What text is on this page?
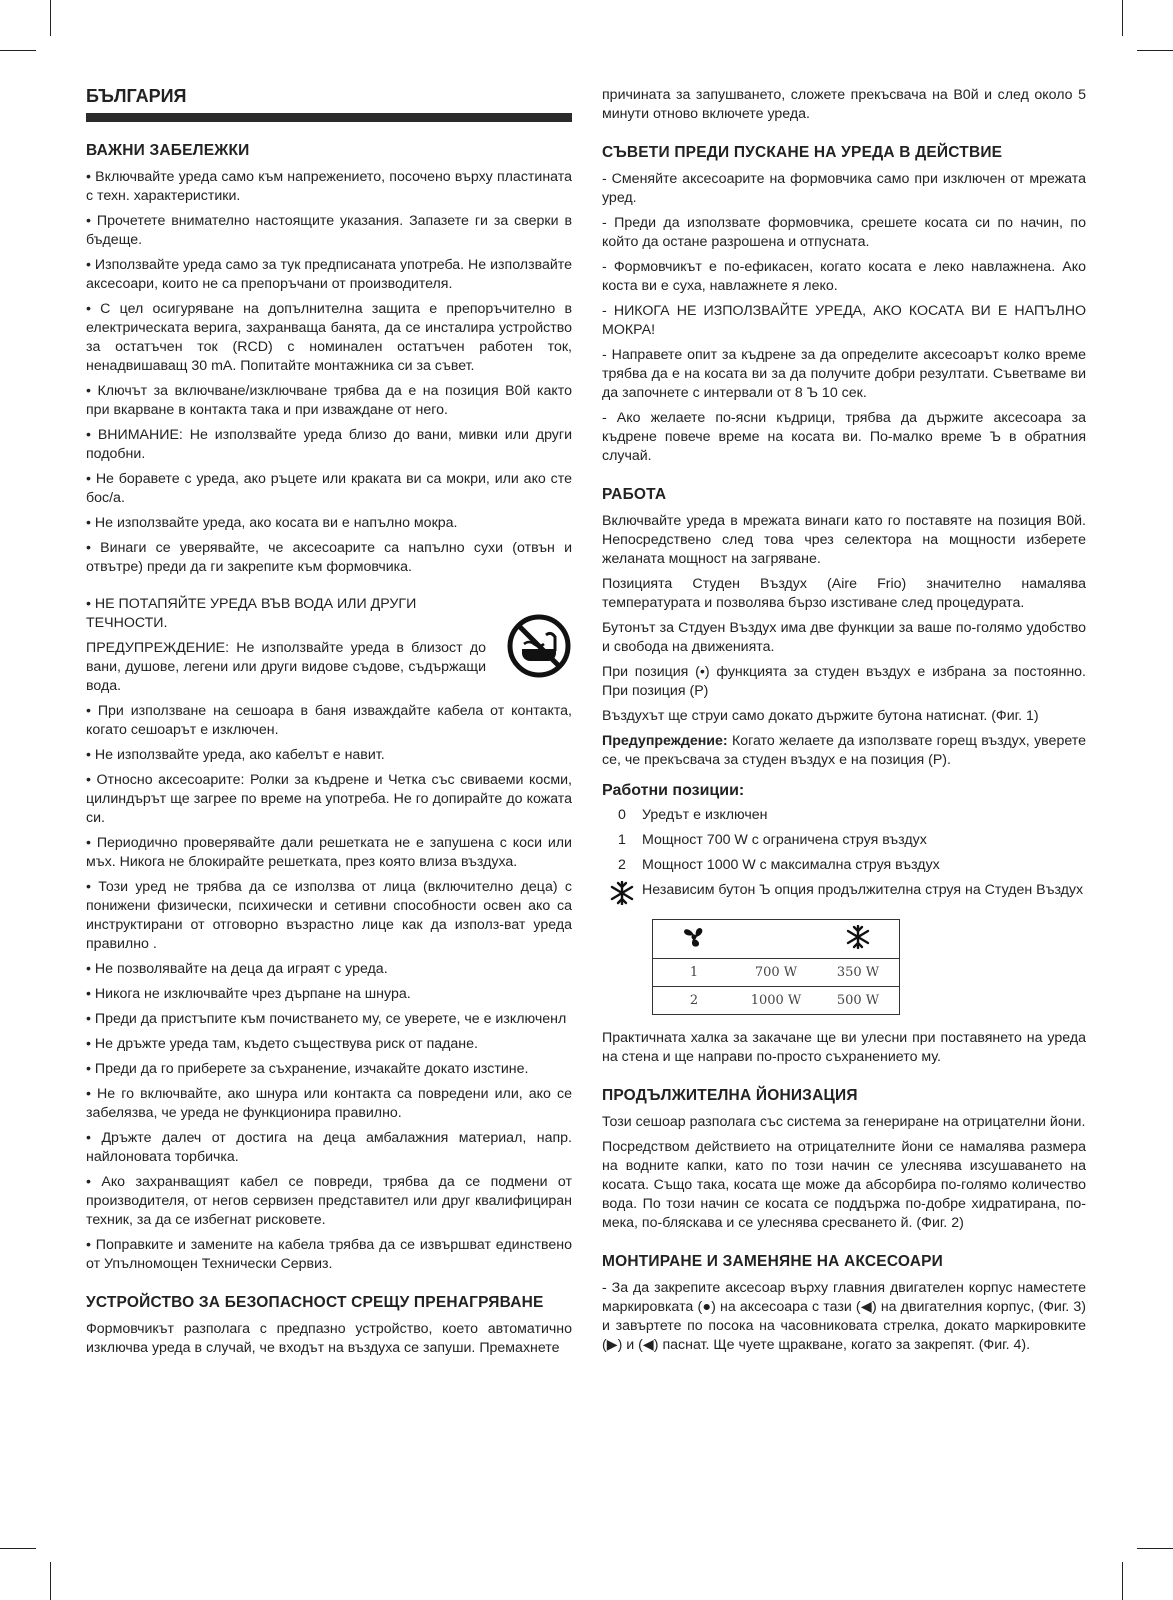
БЪЛГАРИЯ
ВАЖНИ ЗАБЕЛЕЖКИ

• Включвайте уреда само към напрежението, посочено върху пластината с техн. характеристики.

• Прочетете внимателно настоящите указания. Запазете ги за сверки в бъдеще.

• Използвайте уреда само за тук предписаната употреба. Не използвайте аксесоари, които не са препоръчани от производителя.

• С цел осигуряване на допълнителна защита е препоръчително в електрическата верига, захранваща банята, да се инсталира устройство за остатъчен ток (RCD) с номинален остатъчен работен ток, ненадвишаващ 30 mA. Попитайте монтажника си за съвет.

• Ключът за включване/изключване трябва да е на позиция В0й както при вкарване в контакта така и при изваждане от него.

• ВНИМАНИЕ: Не използвайте уреда близо до вани, мивки или други подобни.

• Не боравете с уреда, ако ръцете или краката ви са мокри, или ако сте бос/а.

• Не използвайте уреда, ако косата ви е напълно мокра.

• Винаги се уверявайте, че аксесоарите са напълно сухи (отвън и отвътре) преди да ги закрепите към формовчика.

• НЕ ПОТАПЯЙТЕ УРЕДА ВЪВ ВОДА ИЛИ ДРУГИ ТЕЧНОСТИ.

ПРЕДУПРЕЖДЕНИЕ: Не използвайте уреда в близост до вани, душове, легени или други видове съдове, съдържащи вода.

• При използване на сешоара в баня изваждайте кабела от контакта, когато сешоарът е изключен.

• Не използвайте уреда, ако кабелът е навит.

• Относно аксесоарите: Ролки за къдрене и Четка със свиваеми косми, цилиндърът ще загрее по време на употреба. Не го допирайте до кожата си.

• Периодично проверявайте дали решетката не е запушена с коси или мъх. Никога не блокирайте решетката, през която влиза въздуха.

• Този уред не трябва да се използва от лица (включително деца) с понижени физически, психически и сетивни способности освен ако са инструктирани от отговорно възрастно лице как да използ-ват уреда правилно .

• Не позволявайте на деца да играят с уреда.

• Никога не изключвайте чрез дърпане на шнура.

• Преди да пристъпите към почистването му, се уверете, че е изключенл

• Не дръжте уреда там, където съществува риск от падане.

• Преди да го приберете за съхранение, изчакайте докато изстине.

• Не го включвайте, ако шнура или контакта са повредени или, ако се забелязва, че уреда не функционира правилно.

• Дръжте далеч от достига на деца амбалажния материал, напр. найлоновата торбичка.

• Ако захранващият кабел се повреди, трябва да се подмени от производителя, от негов сервизен представител или друг квалифициран техник, за да се избегнат рисковете.

• Поправките и замените на кабела трябва да се извършват единствено от Упълномощен Технически Сервиз.

УСТРОЙСТВО ЗА БЕЗОПАСНОСТ СРЕЩУ ПРЕНАГРЯВАНЕ

Формовчикът разполага с предпазно устройство, което автоматично изключва уреда в случай, че входът на въздуха се запуши. Премахнете

причината за запушването, сложете прекъсвача на В0й и след около 5 минути отново включете уреда.

СЪВЕТИ ПРЕДИ ПУСКАНЕ НА УРЕДА В ДЕЙСТВИЕ

- Сменяйте аксесоарите на формовчика само при изключен от мрежата уред.

- Преди да използвате формовчика, срешете косата си по начин, по който да остане разрошена и отпусната.

- Формовчикът е по-ефикасен, когато косата е леко навлажнена. Ако коста ви е суха, навлажнете я леко.

- НИКОГА НЕ ИЗПОЛЗВАЙТЕ УРЕДА, АКО КОСАТА ВИ Е НАПЪЛНО МОКРА!

- Направете опит за къдрене за да определите аксесоарът колко време трябва да е на косата ви за да получите добри резултати. Съветваме ви да започнете с интервали от 8 Ъ 10 сек.

- Ако желаете по-ясни къдрици, трябва да държите аксесоара за къдрене повече време на косата ви. По-малко време Ъ в обратния случай.

РАБОТА

Включвайте уреда в мрежата винаги като го поставяте на позиция В0й. Непосредствено след това чрез селектора на мощности изберете желаната мощност на загряване.

Позицията Студен Въздух (Aire Frio) значително намалява температурата и позволява бързо изстиване след процедурата.

Бутонът за Стдуен Въздух има две функции за ваше по-голямо удобство и свобода на движенията.

При позиция (•) функцията за студен въздух е избрана за постоянно. При позиция (P)

Въздухът ще струи само докато държите бутона натиснат. (Фиг. 1)

Предупреждение: Когато желаете да използвате горещ въздух, уверете се, че прекъсвача за студен въздух е на позиция (P).

Работни позиции:
0	Уредът е изключен
1	Мощност 700 W с ограничена струя въздух
2	Мощност 1000 W с максимална струя въздух
Независим бутон Ъ опция продължителна струя на Студен Въздух

1	700 W	350 W
2	1000 W	500 W

Практичната халка за закачане ще ви улесни при поставянето на уреда на стена и ще направи по-просто съхранението му.

ПРОДЪЛЖИТЕЛНА ЙОНИЗАЦИЯ

Този сешоар разполага със система за генериране на отрицателни йони.

Посредством действието на отрицателните йони се намалява размера на водните капки, като по този начин се улеснява изсушаването на косата. Също така, косата ще може да абсорбира по-голямо количество вода. По този начин се косата се поддържа по-добре хидратирана, по-мека, по-бляскава и се улеснява сресването й. (Фиг. 2)

МОНТИРАНЕ И ЗАМЕНЯНЕ НА АКСЕСОАРИ

- За да закрепите аксесоар върху главния двигателен корпус наместете маркировката (●) на аксесоара с тази (◀) на двигателния корпус, (Фиг. 3) и завъртете по посока на часовниковата стрелка, докато маркировките (▶) и (◀) паснат. Ще чуете щракване, когато за закрепят. (Фиг. 4).
